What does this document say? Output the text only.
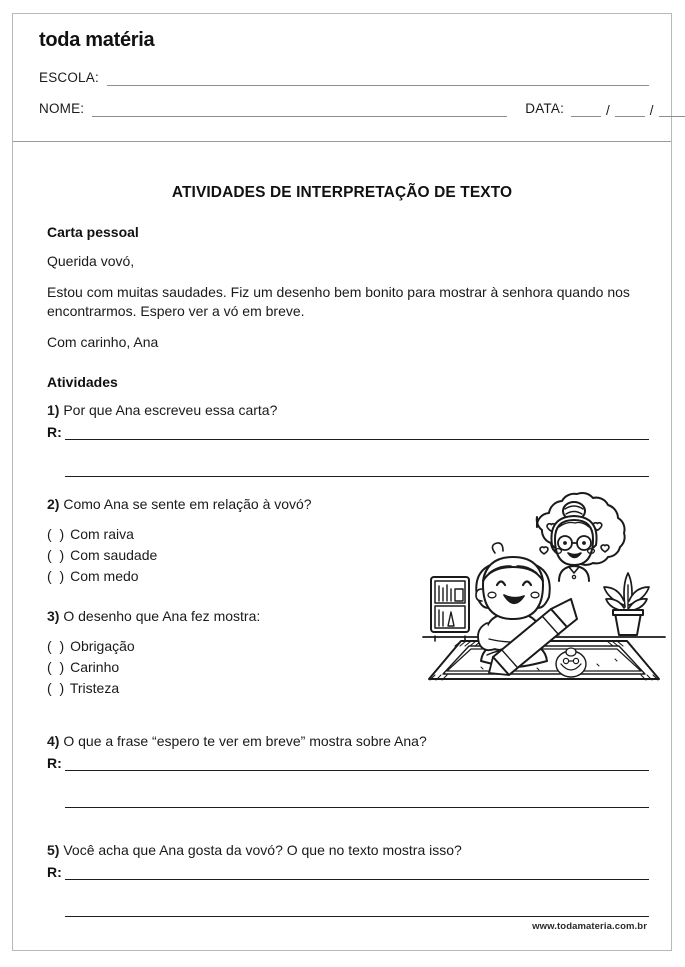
toda matéria
ESCOLA:
NOME:	DATA:	/	/
ATIVIDADES DE INTERPRETAÇÃO DE TEXTO
Carta pessoal
Querida vovó,
Estou com muitas saudades. Fiz um desenho bem bonito para mostrar à senhora quando nos encontrarmos. Espero ver a vó em breve.
Com carinho, Ana
Atividades
1) Por que Ana escreveu essa carta?
R:
2) Como Ana se sente em relação à vovó?
( ) Com raiva
( ) Com saudade
( ) Com medo
3) O desenho que Ana fez mostra:
( ) Obrigação
( ) Carinho
( ) Tristeza
4) O que a frase “espero te ver em breve” mostra sobre Ana?
R:
5) Você acha que Ana gosta da vovó? O que no texto mostra isso?
R:
www.todamateria.com.br
